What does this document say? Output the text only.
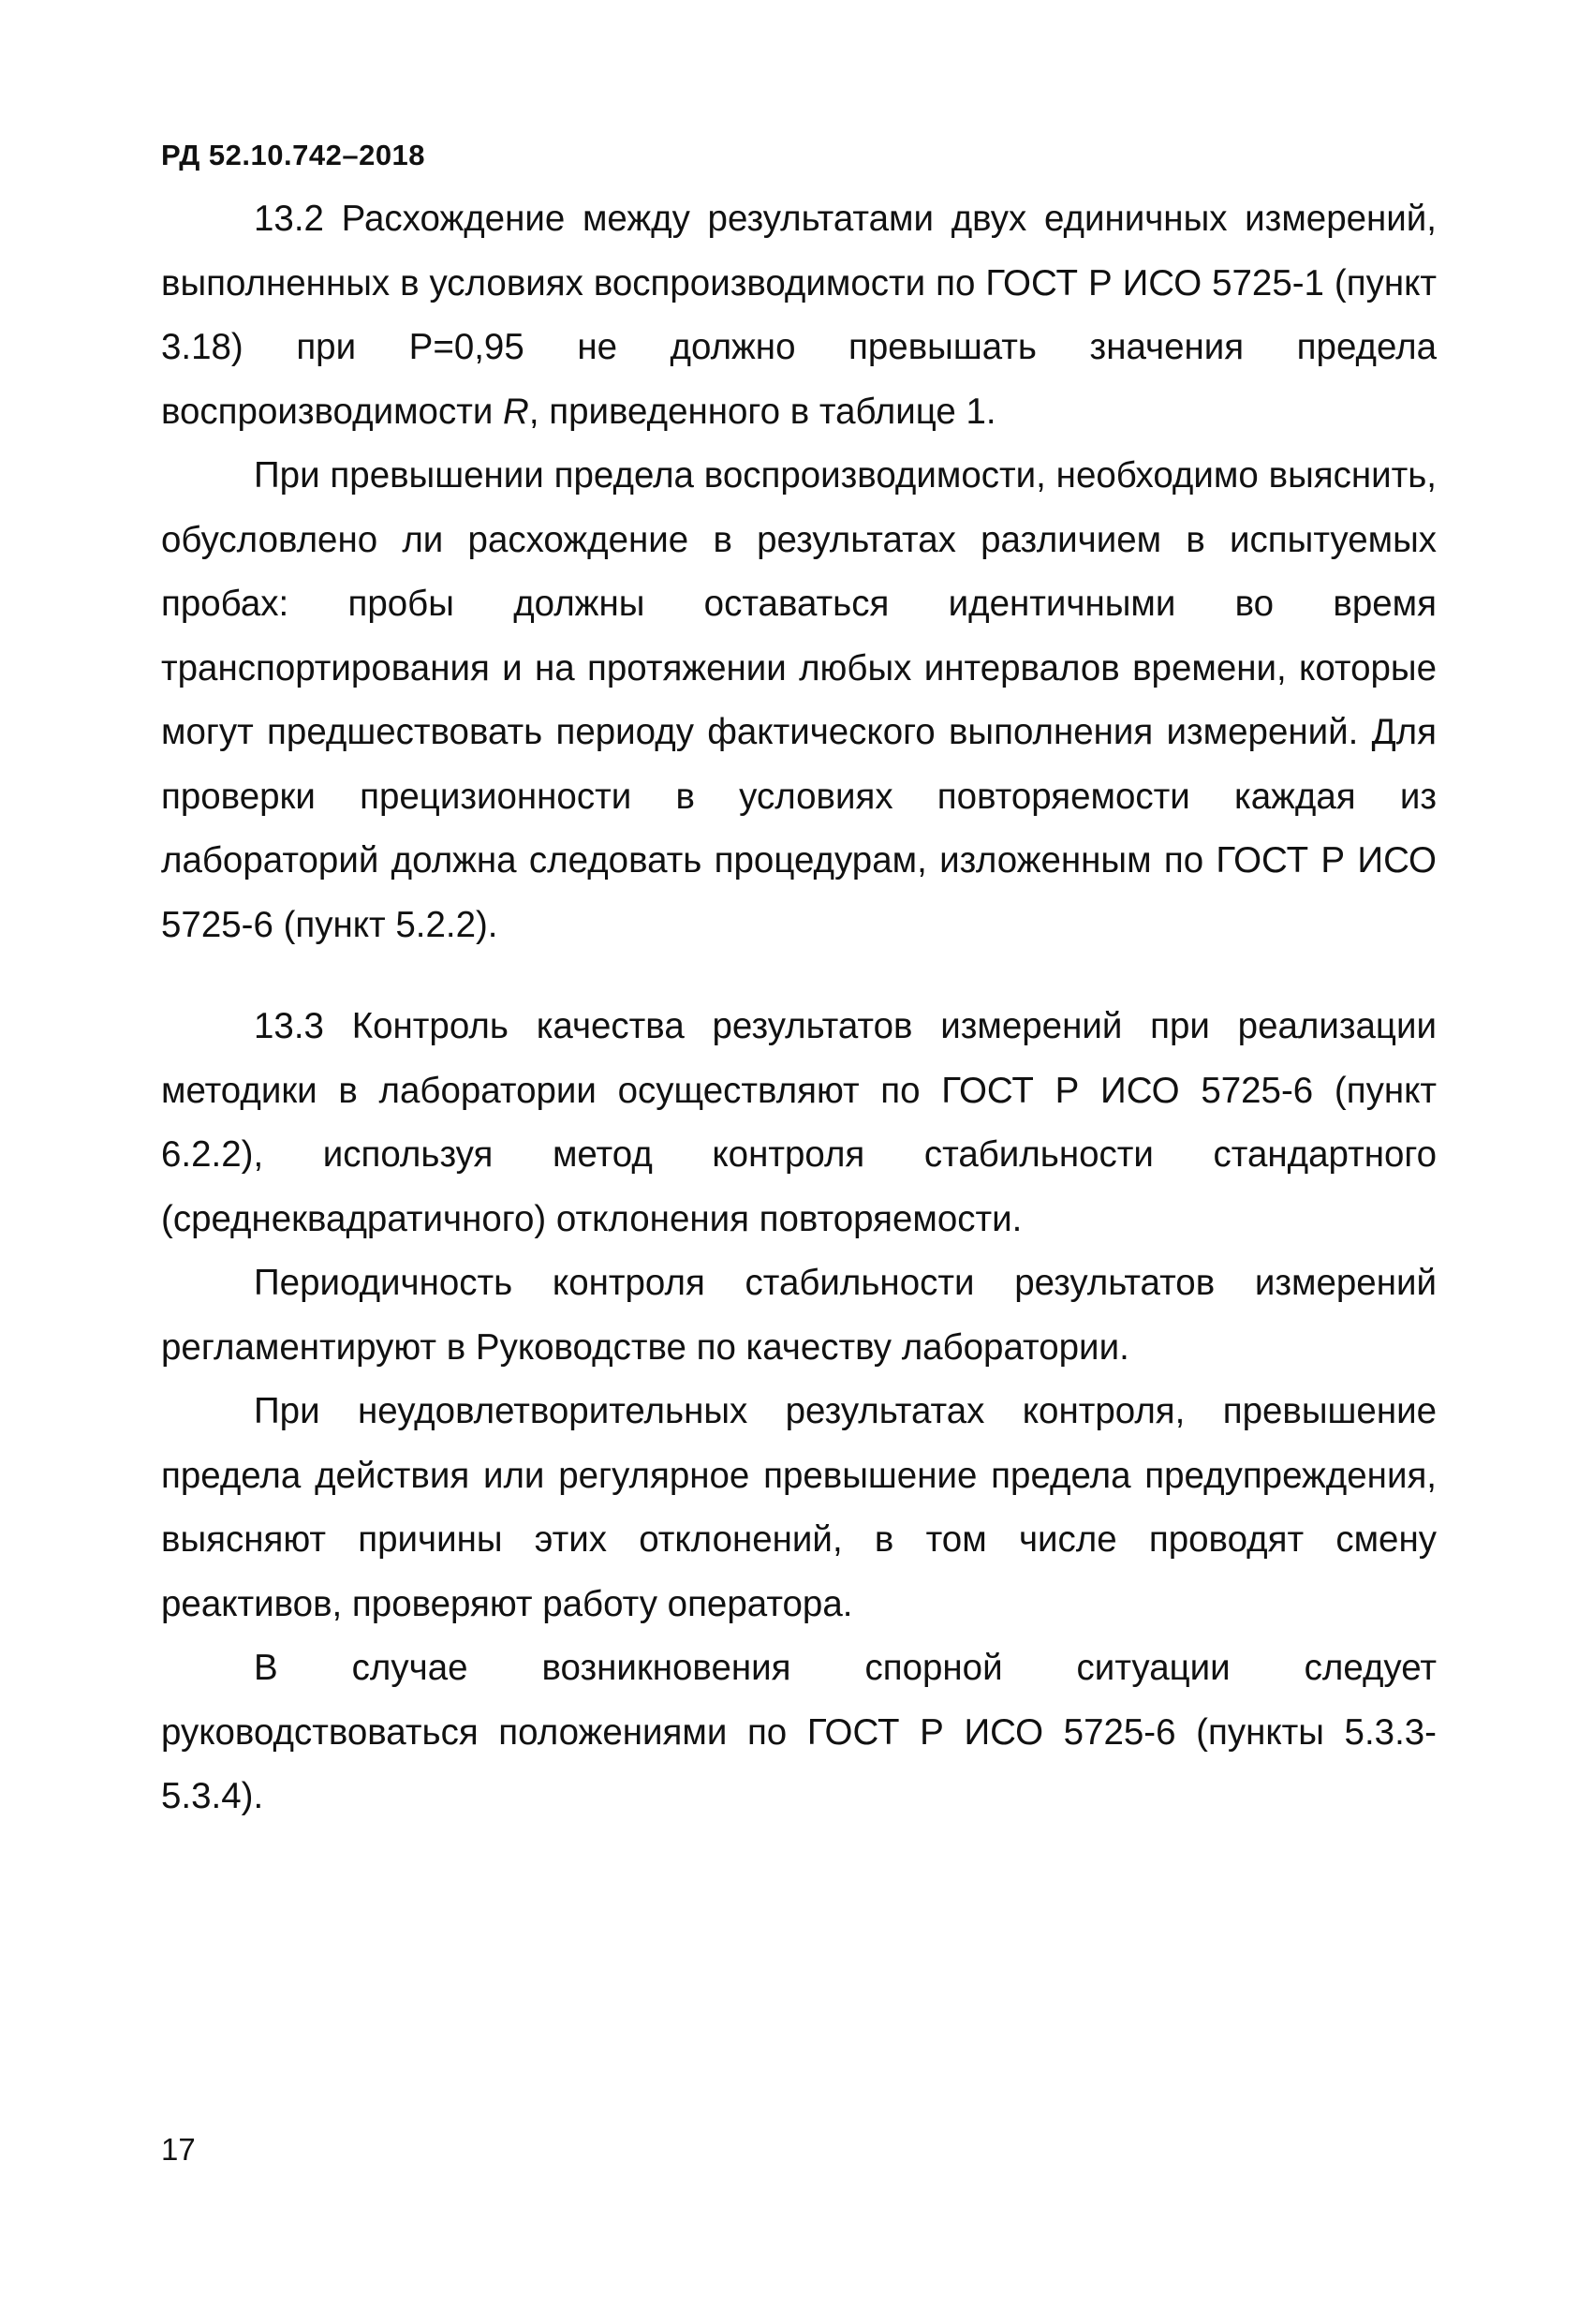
РД 52.10.742–2018

13.2 Расхождение между результатами двух единичных измерений, выполненных в условиях воспроизводимости по ГОСТ Р ИСО 5725-1 (пункт 3.18) при Р=0,95 не должно превышать значения предела воспроизводимости R, приведенного в таблице 1.

При превышении предела воспроизводимости, необходимо выяснить, обусловлено ли расхождение в результатах различием в испытуемых пробах: пробы должны оставаться идентичными во время транспортирования и на протяжении любых интервалов времени, которые могут предшествовать периоду фактического выполнения измерений. Для проверки прецизионности в условиях повторяемости каждая из лабораторий должна следовать процедурам, изложенным по ГОСТ Р ИСО 5725-6 (пункт 5.2.2).

13.3 Контроль качества результатов измерений при реализации методики в лаборатории осуществляют по ГОСТ Р ИСО 5725-6 (пункт 6.2.2), используя метод контроля стабильности стандартного (среднеквадратичного) отклонения повторяемости.

Периодичность контроля стабильности результатов измерений регламентируют в Руководстве по качеству лаборатории.

При неудовлетворительных результатах контроля, превышение предела действия или регулярное превышение предела предупреждения, выясняют причины этих отклонений, в том числе проводят смену реактивов, проверяют работу оператора.

В случае возникновения спорной ситуации следует руководствоваться положениями по ГОСТ Р ИСО 5725-6 (пункты 5.3.3-5.3.4).

17
